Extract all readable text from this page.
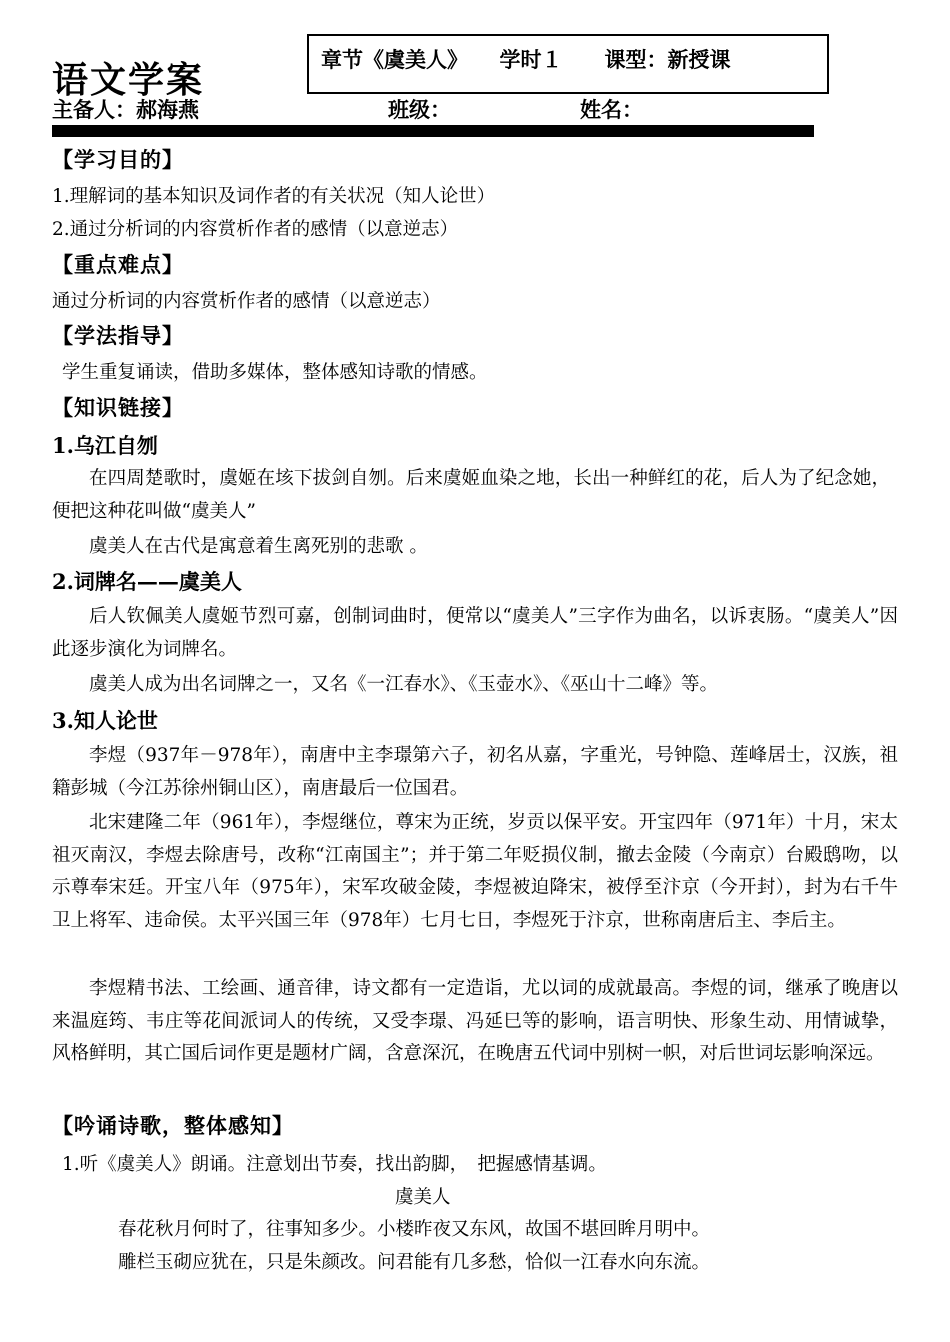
语文学案	章节《虞美人》　　学时１　　课型：新授课
主备人：郝海燕	班级：	姓名：
【学习目的】
1.理解词的基本知识及词作者的有关状况（知人论世）
2.通过分析词的内容赏析作者的感情（以意逆志）
【重点难点】
通过分析词的内容赏析作者的感情（以意逆志）
【学法指导】
学生重复诵读，借助多媒体，整体感知诗歌的情感。
【知识链接】
1.乌江自刎
在四周楚歌时，虞姬在垓下拔剑自刎。后来虞姬血染之地，长出一种鲜红的花，后人为了纪念她，便把这种花叫做“虞美人”
虞美人在古代是寓意着生离死别的悲歌 。
2.词牌名——虞美人
后人钦佩美人虞姬节烈可嘉，创制词曲时，便常以“虞美人”三字作为曲名，以诉衷肠。“虞美人”因此逐步演化为词牌名。
虞美人成为出名词牌之一，又名《一江春水》、《玉壶水》、《巫山十二峰》等。
3.知人论世
李煜（937年－978年），南唐中主李璟第六子，初名从嘉，字重光，号钟隐、莲峰居士，汉族，祖籍彭城（今江苏徐州铜山区），南唐最后一位国君。
北宋建隆二年（961年），李煜继位，尊宋为正统，岁贡以保平安。开宝四年（971年）十月，宋太祖灭南汉，李煜去除唐号，改称“江南国主”；并于第二年贬损仪制，撤去金陵（今南京）台殿鸱吻，以示尊奉宋廷。开宝八年（975年），宋军攻破金陵，李煜被迫降宋，被俘至汴京（今开封），封为右千牛卫上将军、违命侯。太平兴国三年（978年）七月七日，李煜死于汴京，世称南唐后主、李后主。
李煜精书法、工绘画、通音律，诗文都有一定造诣，尤以词的成就最高。李煜的词，继承了晚唐以来温庭筠、韦庄等花间派词人的传统，又受李璟、冯延巳等的影响，语言明快、形象生动、用情诚挚，风格鲜明，其亡国后词作更是题材广阔，含意深沉，在晚唐五代词中别树一帜，对后世词坛影响深远。
【吟诵诗歌，整体感知】
1.听《虞美人》朗诵。注意划出节奏，找出韵脚，　把握感情基调。
虞美人
春花秋月何时了，往事知多少。小楼昨夜又东风，故国不堪回眸月明中。
雕栏玉砌应犹在，只是朱颜改。问君能有几多愁，恰似一江春水向东流。
